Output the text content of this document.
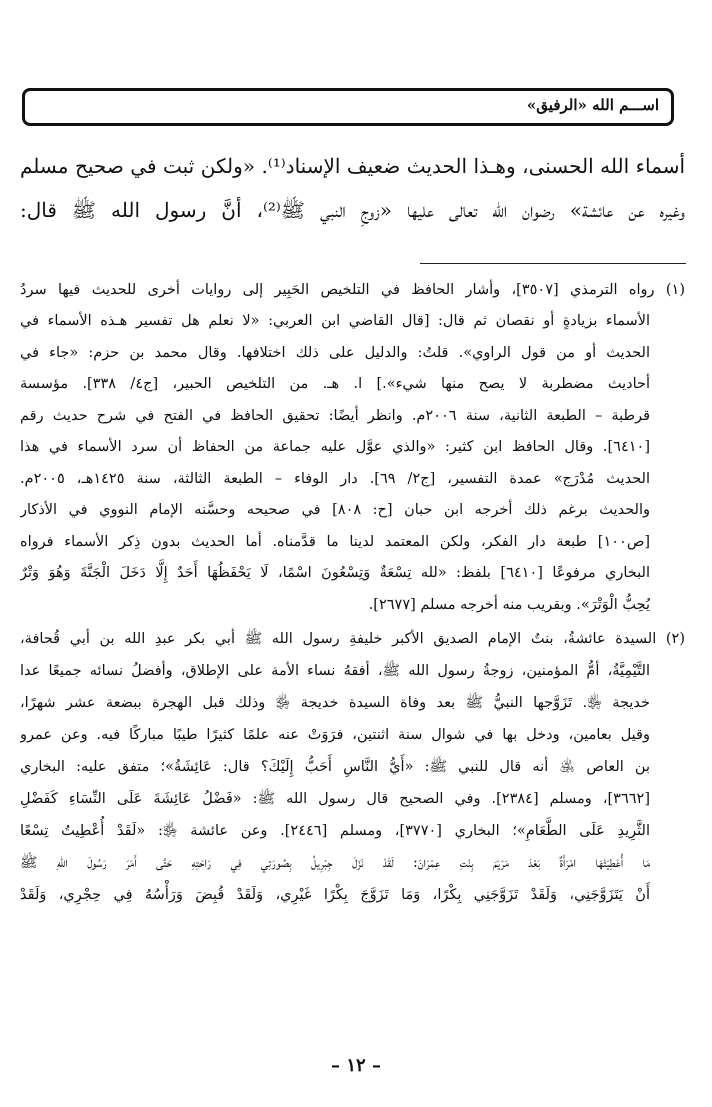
اســـم الله «الرفيق»
أسماء الله الحسنى، وهـذا الحديث ضعيف الإسناد⁽¹⁾. «ولكن ثبت في صحيح مسلم
وغيره عن عائشة» رضوان الله تعالى عليها «زوجِ النبي ﷺ⁽²⁾، أنَّ رسول الله ﷺ قال:
(١) رواه الترمذي [٣٥٠٧]، وأشار الحافظ في التلخيص الحَبِير إلى روايات أخرى للحديث فيها سردُ
الأسماء بزيادةٍ أو نقصان ثم قال: [قال القاضي ابن العربي: «لا نعلم هل تفسير هـذه الأسماء في
الحديث أو من قول الراوي». قلتُ: والدليل على ذلك اختلافها. وقال محمد بن حزم: «جاء في
أحاديث مضطربة لا يصح منها شيء».] ا. هـ. من التلخيص الحبير، [ج٤/ ٣٣٨]. مؤسسة
قرطبة – الطبعة الثانية، سنة ٢٠٠٦م. وانظر أيضًا: تحقيق الحافظ في الفتح في شرح حديث رقم
[٦٤١٠]. وقال الحافظ ابن كثير: «والذي عوَّل عليه جماعة من الحفاظ أن سرد الأسماء في هذا
الحديث مُدْرَج» عمدة التفسير، [ج٢/ ٦٩]. دار الوفاء – الطبعة الثالثة، سنة ١٤٢٥هـ، ٢٠٠٥م.
والحديث برغم ذلك أخرجه ابن حبان [ح: ٨٠٨] في صحيحه وحسَّنه الإمام النووي في الأذكار
[ص١٠٠] طبعة دار الفكر، ولكن المعتمد لدينا ما قدَّمناه. أما الحديث بدون ذِكر الأسماء فرواه
البخاري مرفوعًا [٦٤١٠] بلفظ: «لله تِسْعَةٌ وَتِسْعُونَ اسْمًا، لَا يَحْفَظُهَا أَحَدٌ إِلَّا دَخَلَ الْجَنَّةَ وَهُوَ وَتْرٌ
يُحِبُّ الْوَتْرَ». وبقريب منه أخرجه مسلم [٢٦٧٧].
(٢) السيدة عائشةُ، بنتُ الإمام الصديق الأكبر خليفةِ رسول الله ﷺ أبي بكر عبدِ الله بن أبي قُحافة،
التَّيْمِيَّةُ، أمُّ المؤمنين، زوجةُ رسول الله ﷺ، أفقهُ نساء الأمة على الإطلاق، وأفضلُ نسائه جميعًا عدا
خديجة ﵂. تَزَوَّجها النبيُّ ﷺ بعد وفاة السيدة خديجة ﵂ وذلك قبل الهجرة ببضعة عشر شهرًا،
وقيل بعامين، ودخل بها في شوال سنة اثنتين، فرَوَتْ عنه علمًا كثيرًا طيبًا مباركًا فيه. وعن عمرو
بن العاص ﵁ أنه قال للنبي ﷺ: «أَيُّ النَّاسِ أَحَبُّ إِلَيْكَ؟ قال: عَائِشَةُ»؛ متفق عليه: البخاري
[٣٦٦٢]، ومسلم [٢٣٨٤]. وفي الصحيح قال رسول الله ﷺ: «فَضْلُ عَائِشَةَ عَلَى النِّسَاءِ كَفَضْلِ
الثَّرِيدِ عَلَى الطَّعَامِ»؛ البخاري [٣٧٧٠]، ومسلم [٢٤٤٦]. وعن عائشة ﵂: «لَقَدْ أُعْطِيتُ تِسْعًا
مَا أُعْطِيَتْهَا امْرَأَةٌ بَعْدَ مَرْيَمَ بِنْتِ عِمْرَانَ: لَقَدْ نَزَلَ جِبْرِيلُ بِصُورَتِي فِي رَاحَتِهِ حَتَّى أَمَرَ رَسُولَ اللهِ ﷺ
أَنْ يَتَزَوَّجَنِي، وَلَقَدْ تَزَوَّجَنِي بِكْرًا، وَمَا تَزَوَّجَ بِكْرًا غَيْرِي، وَلَقَدْ قُبِضَ وَرَأْسُهُ فِي حِجْرِي، وَلَقَدْ
– ١٢ –
